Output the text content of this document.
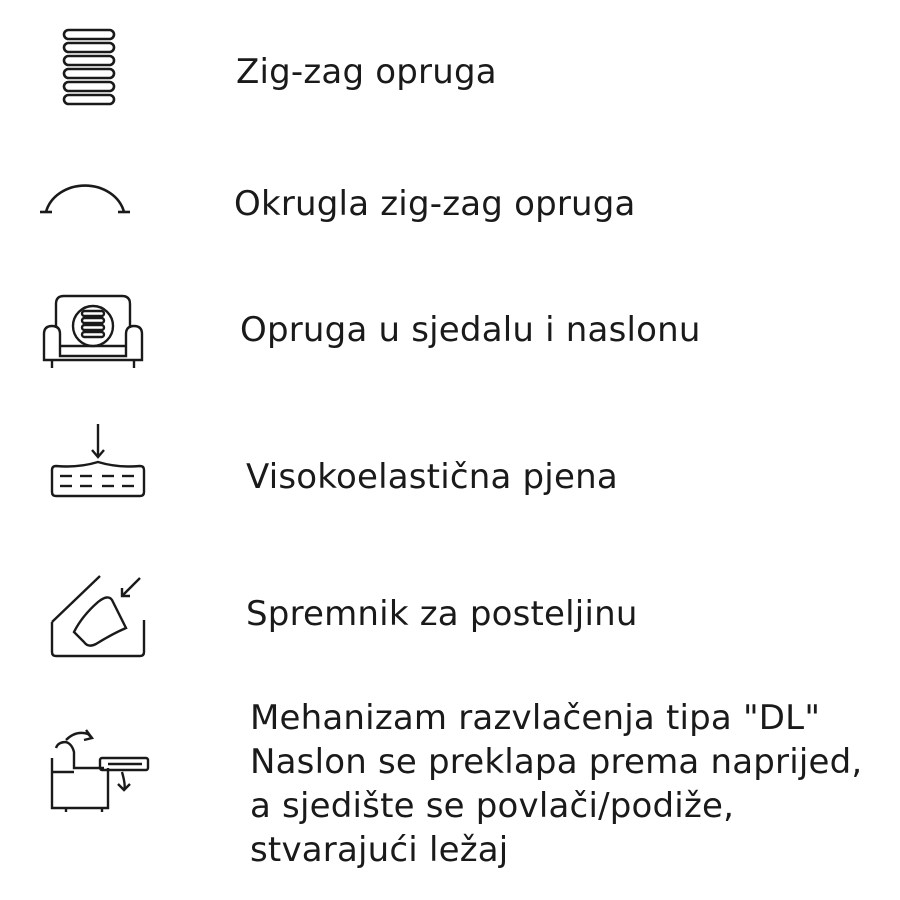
Zig-zag opruga
Okrugla zig-zag opruga
Opruga u sjedalu i naslonu
Visokoelastična pjena
Spremnik za posteljinu
Mehanizam razvlačenja tipa "DL"
Naslon se preklapa prema naprijed,
a sjedište se povlači/podiže,
stvarajući ležaj
